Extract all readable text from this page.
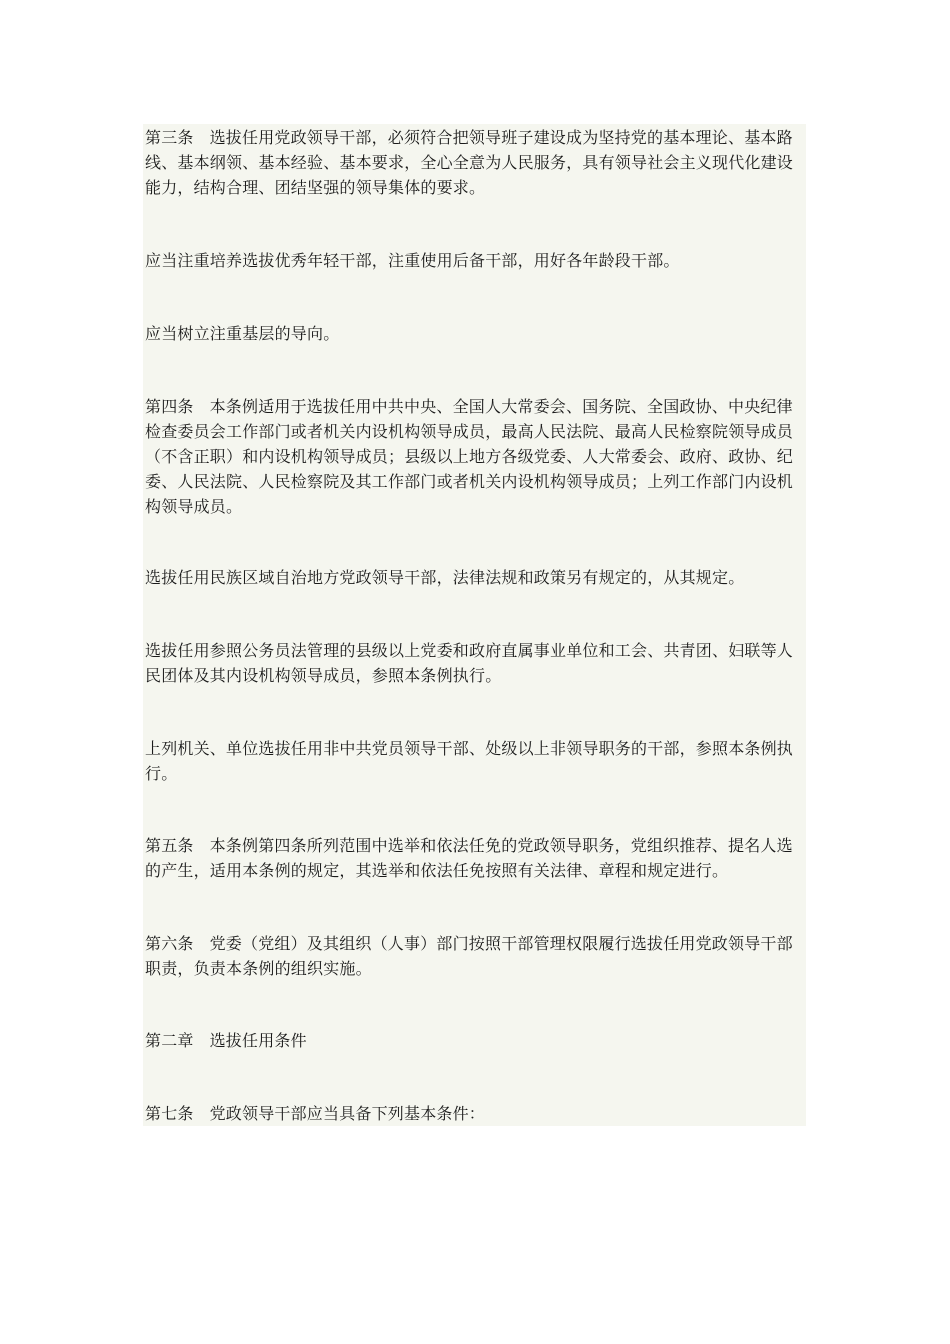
第三条 选拔任用党政领导干部，必须符合把领导班子建设成为坚持党的基本理论、基本路线、基本纲领、基本经验、基本要求，全心全意为人民服务，具有领导社会主义现代化建设能力，结构合理、团结坚强的领导集体的要求。

应当注重培养选拔优秀年轻干部，注重使用后备干部，用好各年龄段干部。

应当树立注重基层的导向。

第四条 本条例适用于选拔任用中共中央、全国人大常委会、国务院、全国政协、中央纪律检查委员会工作部门或者机关内设机构领导成员，最高人民法院、最高人民检察院领导成员（不含正职）和内设机构领导成员；县级以上地方各级党委、人大常委会、政府、政协、纪委、人民法院、人民检察院及其工作部门或者机关内设机构领导成员；上列工作部门内设机构领导成员。

选拔任用民族区域自治地方党政领导干部，法律法规和政策另有规定的，从其规定。

选拔任用参照公务员法管理的县级以上党委和政府直属事业单位和工会、共青团、妇联等人民团体及其内设机构领导成员，参照本条例执行。

上列机关、单位选拔任用非中共党员领导干部、处级以上非领导职务的干部，参照本条例执行。

第五条 本条例第四条所列范围中选举和依法任免的党政领导职务，党组织推荐、提名人选的产生，适用本条例的规定，其选举和依法任免按照有关法律、章程和规定进行。

第六条 党委（党组）及其组织（人事）部门按照干部管理权限履行选拔任用党政领导干部职责，负责本条例的组织实施。

第二章 选拔任用条件

第七条 党政领导干部应当具备下列基本条件：
